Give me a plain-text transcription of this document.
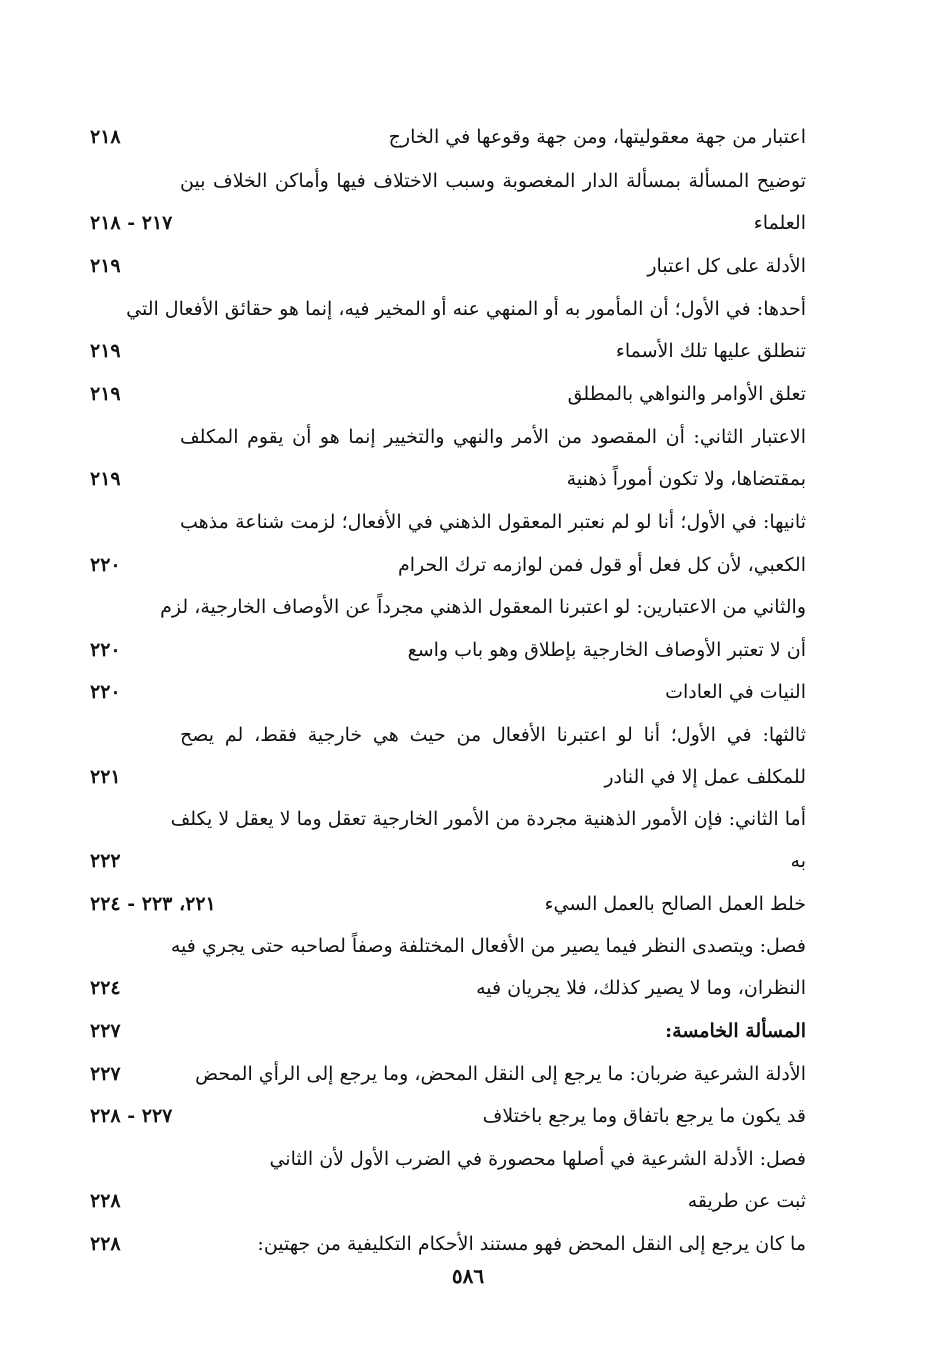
اعتبار من جهة معقوليتها، ومن جهة وقوعها في الخارج
٢١٨
توضيح المسألة بمسألة الدار المغصوبة وسبب الاختلاف فيها وأماكن الخلاف بين
العلماء
٢١٧ - ٢١٨
الأدلة على كل اعتبار
٢١٩
أحدها: في الأول؛ أن المأمور به أو المنهي عنه أو المخير فيه، إنما هو حقائق الأفعال التي
تنطلق عليها تلك الأسماء
٢١٩
تعلق الأوامر والنواهي بالمطلق
٢١٩
الاعتبار الثاني: أن المقصود من الأمر والنهي والتخيير إنما هو أن يقوم المكلف
بمقتضاها، ولا تكون أموراً ذهنية
٢١٩
ثانيها: في الأول؛ أنا لو لم نعتبر المعقول الذهني في الأفعال؛ لزمت شناعة مذهب
الكعبي، لأن كل فعل أو قول فمن لوازمه ترك الحرام
٢٢٠
والثاني من الاعتبارين: لو اعتبرنا المعقول الذهني مجرداً عن الأوصاف الخارجية، لزم
أن لا تعتبر الأوصاف الخارجية بإطلاق وهو باب واسع
٢٢٠
النيات في العادات
٢٢٠
ثالثها: في الأول؛ أنا لو اعتبرنا الأفعال من حيث هي خارجية فقط، لم يصح
للمكلف عمل إلا في النادر
٢٢١
أما الثاني: فإن الأمور الذهنية مجردة من الأمور الخارجية تعقل وما لا يعقل لا يكلف
به
٢٢٢
خلط العمل الصالح بالعمل السيء
٢٢١، ٢٢٣ - ٢٢٤
فصل: ويتصدى النظر فيما يصير من الأفعال المختلفة وصفاً لصاحبه حتى يجري فيه
النظران، وما لا يصير كذلك، فلا يجريان فيه
٢٢٤
المسألة الخامسة:
٢٢٧
الأدلة الشرعية ضربان: ما يرجع إلى النقل المحض، وما يرجع إلى الرأي المحض
٢٢٧
قد يكون ما يرجع باتفاق وما يرجع باختلاف
٢٢٧ - ٢٢٨
فصل: الأدلة الشرعية في أصلها محصورة في الضرب الأول لأن الثاني
ثبت عن طريقه
٢٢٨
ما كان يرجع إلى النقل المحض فهو مستند الأحكام التكليفية من جهتين:
٢٢٨
٥٨٦
